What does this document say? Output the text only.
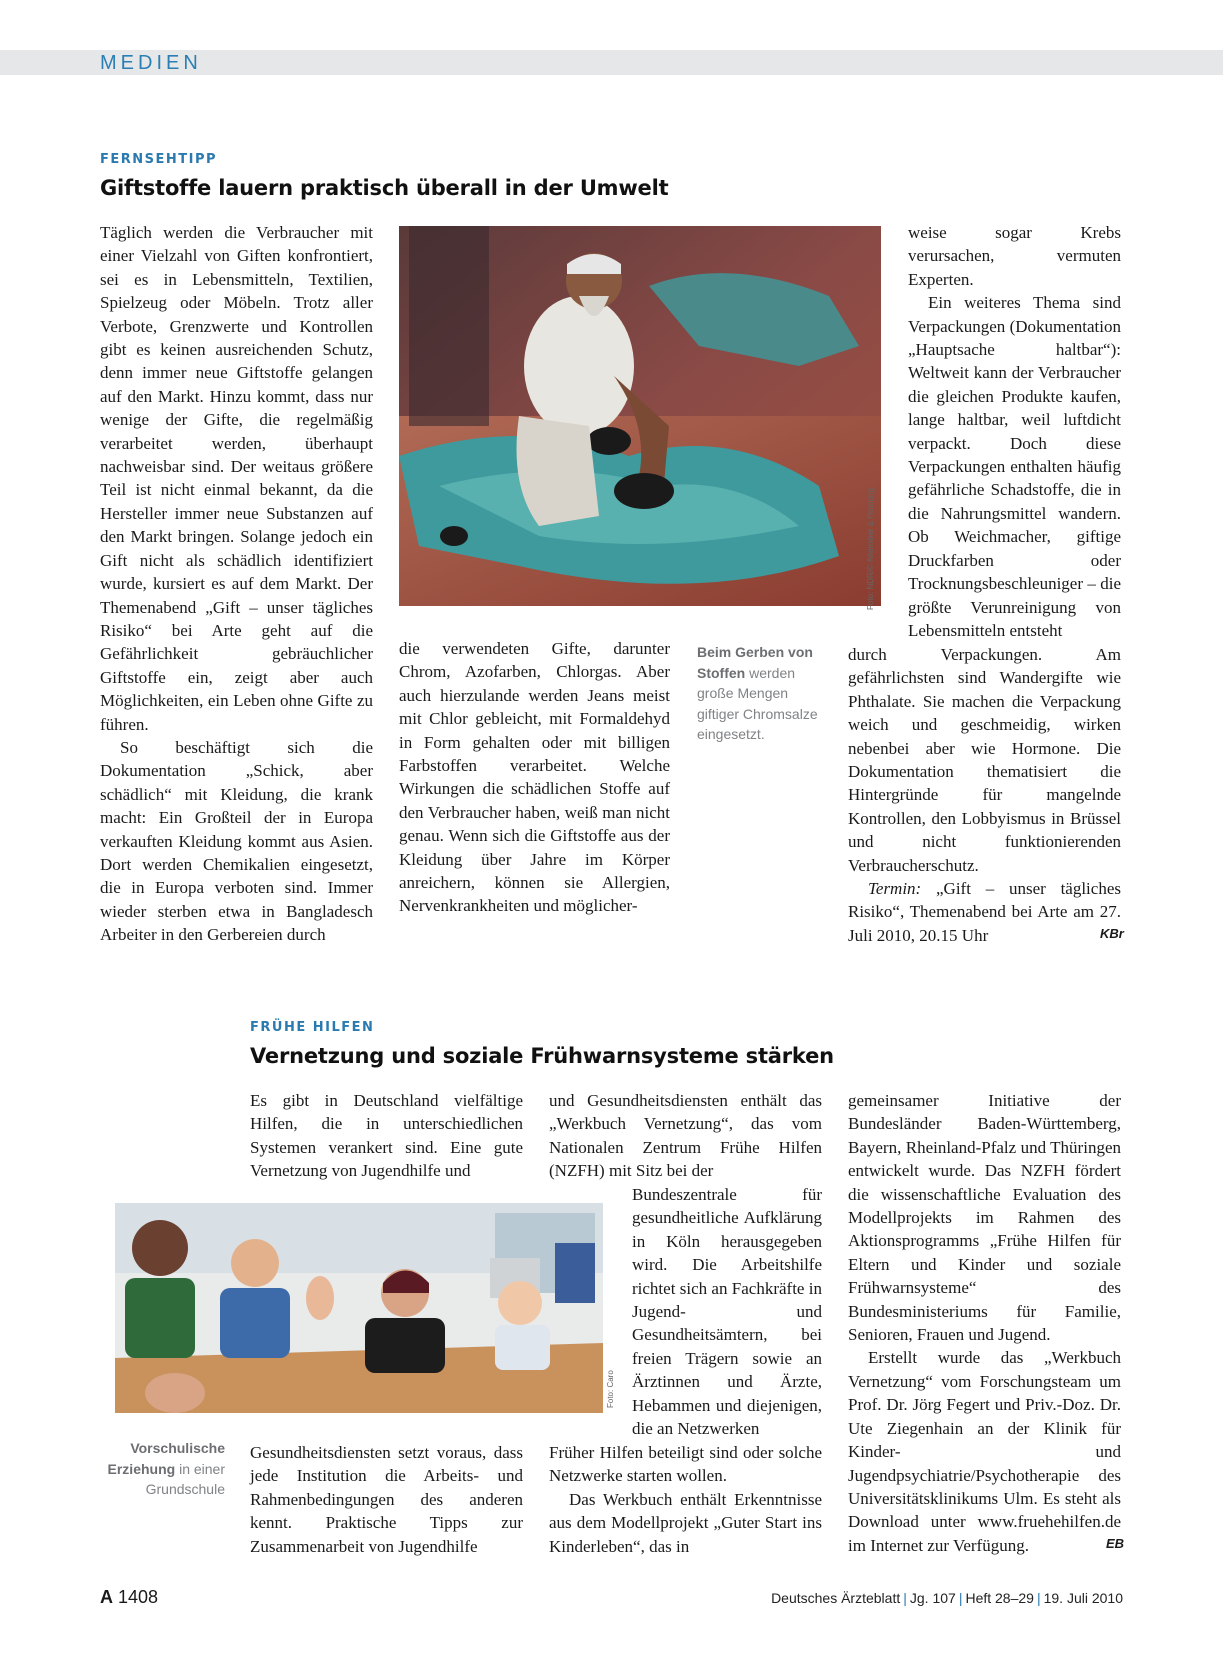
MEDIEN
FERNSEHTIPP
Giftstoffe lauern praktisch überall in der Umwelt

Täglich werden die Verbraucher mit einer Vielzahl von Giften konfrontiert, sei es in Lebensmitteln, Textilien, Spielzeug oder Möbeln. Trotz aller Verbote, Grenzwerte und Kontrollen gibt es keinen ausreichenden Schutz, denn immer neue Giftstoffe gelangen auf den Markt. Hinzu kommt, dass nur wenige der Gifte, die regelmäßig verarbeitet werden, überhaupt nachweisbar sind. Der weitaus größere Teil ist nicht einmal bekannt, da die Hersteller immer neue Substanzen auf den Markt bringen. Solange jedoch ein Gift nicht als schädlich identifiziert wurde, kursiert es auf dem Markt. Der Themenabend „Gift – unser tägliches Risiko“ bei Arte geht auf die Gefährlichkeit gebräuchlicher Giftstoffe ein, zeigt aber auch Möglichkeiten, ein Leben ohne Gifte zu führen.

So beschäftigt sich die Dokumentation „Schick, aber schädlich“ mit Kleidung, die krank macht: Ein Großteil der in Europa verkauften Kleidung kommt aus Asien. Dort werden Chemikalien eingesetzt, die in Europa verboten sind. Immer wieder sterben etwa in Bangladesch Arbeiter in den Gerbereien durch

Foto: NDR/© Altemeier & Hornung

die verwendeten Gifte, darunter Chrom, Azofarben, Chlorgas. Aber auch hierzulande werden Jeans meist mit Chlor gebleicht, mit Formaldehyd in Form gehalten oder mit billigen Farbstoffen verarbeitet. Welche Wirkungen die schädlichen Stoffe auf den Verbraucher haben, weiß man nicht genau. Wenn sich die Giftstoffe aus der Kleidung über Jahre im Körper anreichern, können sie Allergien, Nervenkrankheiten und möglicher-

Beim Gerben von Stoffen werden große Mengen giftiger Chromsalze eingesetzt.

weise sogar Krebs verursachen, vermuten Experten.

Ein weiteres Thema sind Verpackungen (Dokumentation „Hauptsache haltbar“): Weltweit kann der Verbraucher die gleichen Produkte kaufen, lange haltbar, weil luftdicht verpackt. Doch diese Verpackungen enthalten häufig gefährliche Schadstoffe, die in die Nahrungsmittel wandern. Ob Weichmacher, giftige Druckfarben oder Trocknungsbeschleuniger – die größte Verunreinigung von Lebensmitteln entsteht

durch Verpackungen. Am gefährlichsten sind Wandergifte wie Phthalate. Sie machen die Verpackung weich und geschmeidig, wirken nebenbei aber wie Hormone. Die Dokumentation thematisiert die Hintergründe für mangelnde Kontrollen, den Lobbyismus in Brüssel und nicht funktionierenden Verbraucherschutz.

Termin: „Gift – unser tägliches Risiko“, Themenabend bei Arte am 27. Juli 2010, 20.15 Uhr	KBr
FRÜHE HILFEN
Vernetzung und soziale Frühwarnsysteme stärken

Es gibt in Deutschland vielfältige Hilfen, die in unterschiedlichen Systemen verankert sind. Eine gute Vernetzung von Jugendhilfe und

Foto: Caro
Vorschulische Erziehung in einer Grundschule

Gesundheitsdiensten setzt voraus, dass jede Institution die Arbeits- und Rahmenbedingungen des anderen kennt. Praktische Tipps zur Zusammenarbeit von Jugendhilfe

und Gesundheitsdiensten enthält das „Werkbuch Vernetzung“, das vom Nationalen Zentrum Frühe Hilfen (NZFH) mit Sitz bei der

Bundeszentrale für gesundheitliche Aufklärung in Köln herausgegeben wird. Die Arbeitshilfe richtet sich an Fachkräfte in Jugend- und Gesundheitsämtern, bei freien Trägern sowie an Ärztinnen und Ärzte, Hebammen und diejenigen, die an Netzwerken

Früher Hilfen beteiligt sind oder solche Netzwerke starten wollen.

Das Werkbuch enthält Erkenntnisse aus dem Modellprojekt „Guter Start ins Kinderleben“, das in

gemeinsamer Initiative der Bundesländer Baden-Württemberg, Bayern, Rheinland-Pfalz und Thüringen entwickelt wurde. Das NZFH fördert die wissenschaftliche Evaluation des Modellprojekts im Rahmen des Aktionsprogramms „Frühe Hilfen für Eltern und Kinder und soziale Frühwarnsysteme“ des Bundesministeriums für Familie, Senioren, Frauen und Jugend.

Erstellt wurde das „Werkbuch Vernetzung“ vom Forschungsteam um Prof. Dr. Jörg Fegert und Priv.-Doz. Dr. Ute Ziegenhain an der Klinik für Kinder- und Jugendpsychiatrie/Psychotherapie des Universitätsklinikums Ulm. Es steht als Download unter www.fruehehilfen.de im Internet zur Verfügung.	EB
A 1408	Deutsches Ärzteblatt | Jg. 107 | Heft 28–29 | 19. Juli 2010
